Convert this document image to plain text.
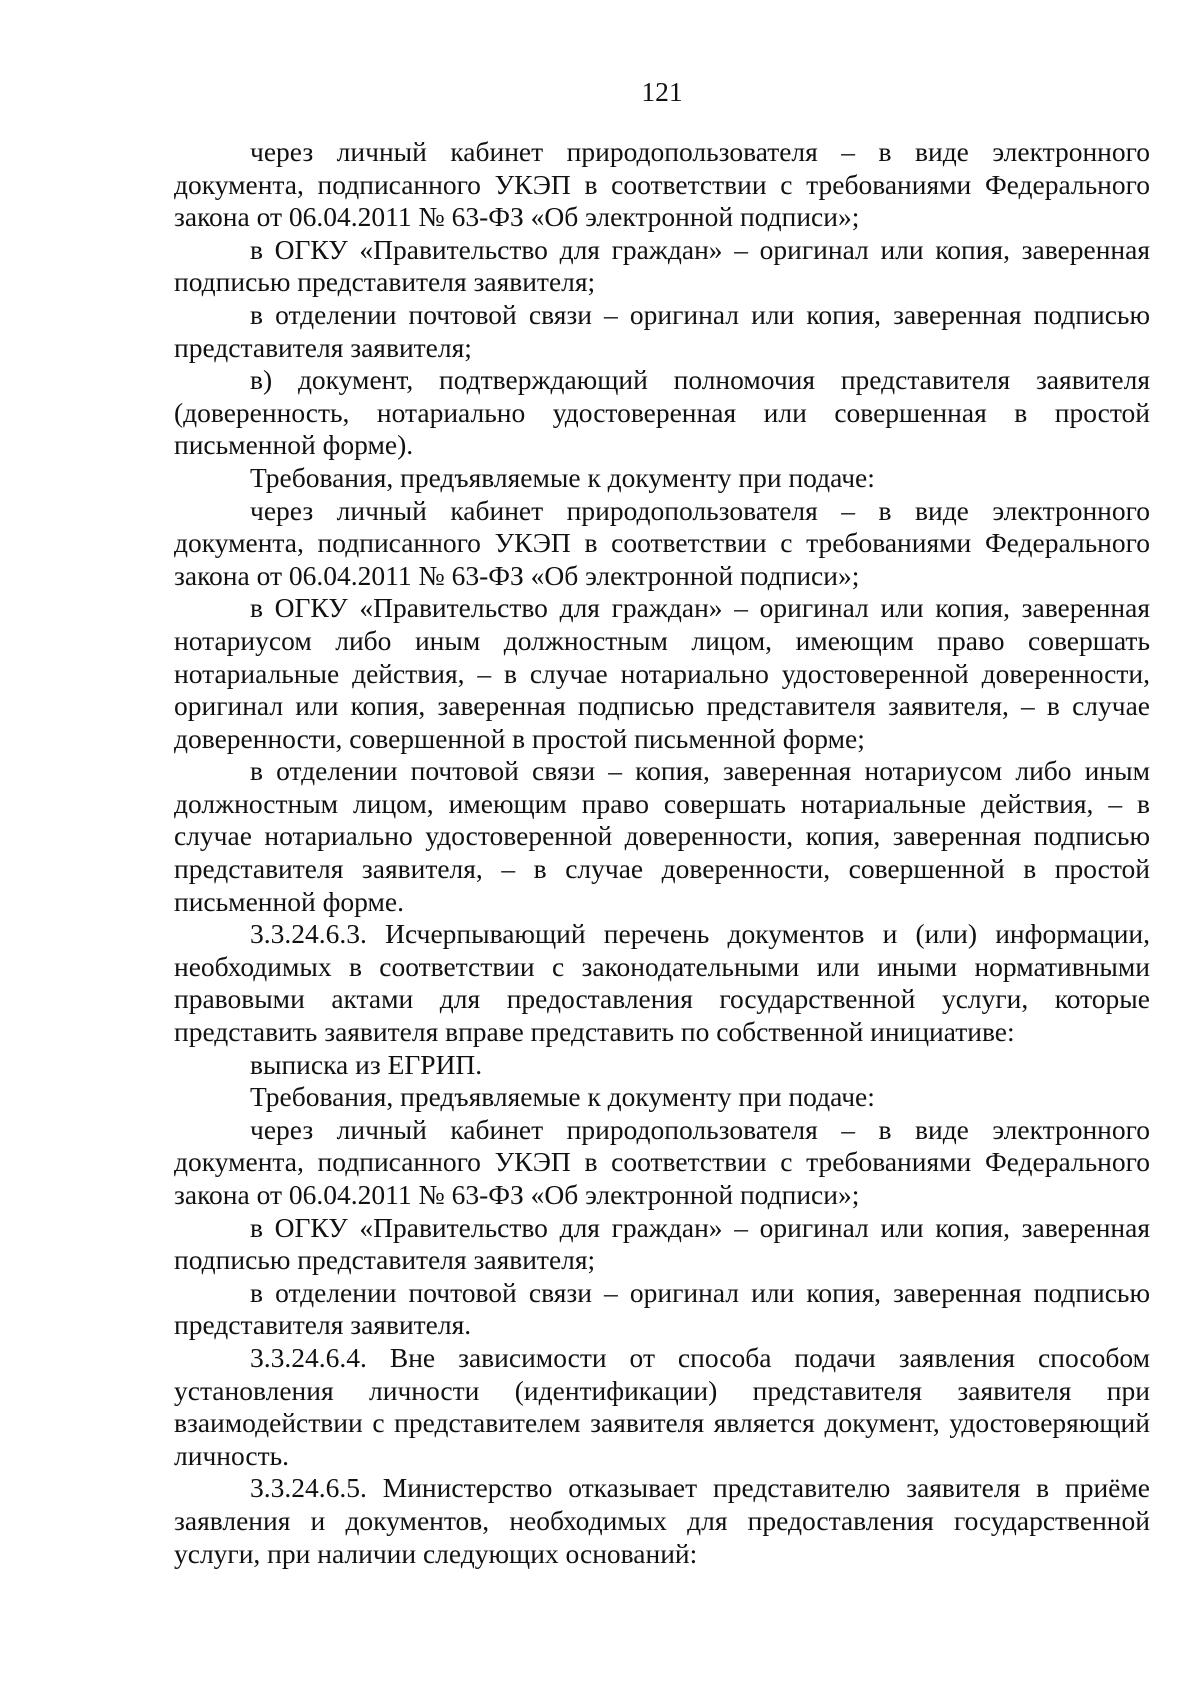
121

через личный кабинет природопользователя – в виде электронного документа, подписанного УКЭП в соответствии с требованиями Федерального закона от 06.04.2011 № 63-ФЗ «Об электронной подписи»;

в ОГКУ «Правительство для граждан» – оригинал или копия, заверенная подписью представителя заявителя;

в отделении почтовой связи – оригинал или копия, заверенная подписью представителя заявителя;

в) документ, подтверждающий полномочия представителя заявителя (доверенность, нотариально удостоверенная или совершенная в простой письменной форме).

Требования, предъявляемые к документу при подаче:

через личный кабинет природопользователя – в виде электронного документа, подписанного УКЭП в соответствии с требованиями Федерального закона от 06.04.2011 № 63-ФЗ «Об электронной подписи»;

в ОГКУ «Правительство для граждан» – оригинал или копия, заверенная нотариусом либо иным должностным лицом, имеющим право совершать нотариальные действия, – в случае нотариально удостоверенной доверенности, оригинал или копия, заверенная подписью представителя заявителя, – в случае доверенности, совершенной в простой письменной форме;

в отделении почтовой связи – копия, заверенная нотариусом либо иным должностным лицом, имеющим право совершать нотариальные действия, – в случае нотариально удостоверенной доверенности, копия, заверенная подписью представителя заявителя, – в случае доверенности, совершенной в простой письменной форме.

3.3.24.6.3. Исчерпывающий перечень документов и (или) информации, необходимых в соответствии с законодательными или иными нормативными правовыми актами для предоставления государственной услуги, которые представить заявителя вправе представить по собственной инициативе:

выписка из ЕГРИП.

Требования, предъявляемые к документу при подаче:

через личный кабинет природопользователя – в виде электронного документа, подписанного УКЭП в соответствии с требованиями Федерального закона от 06.04.2011 № 63-ФЗ «Об электронной подписи»;

в ОГКУ «Правительство для граждан» – оригинал или копия, заверенная подписью представителя заявителя;

в отделении почтовой связи – оригинал или копия, заверенная подписью представителя заявителя.

3.3.24.6.4. Вне зависимости от способа подачи заявления способом установления личности (идентификации) представителя заявителя при взаимодействии с представителем заявителя является документ, удостоверяющий личность.

3.3.24.6.5. Министерство отказывает представителю заявителя в приёме заявления и документов, необходимых для предоставления государственной услуги, при наличии следующих оснований:
